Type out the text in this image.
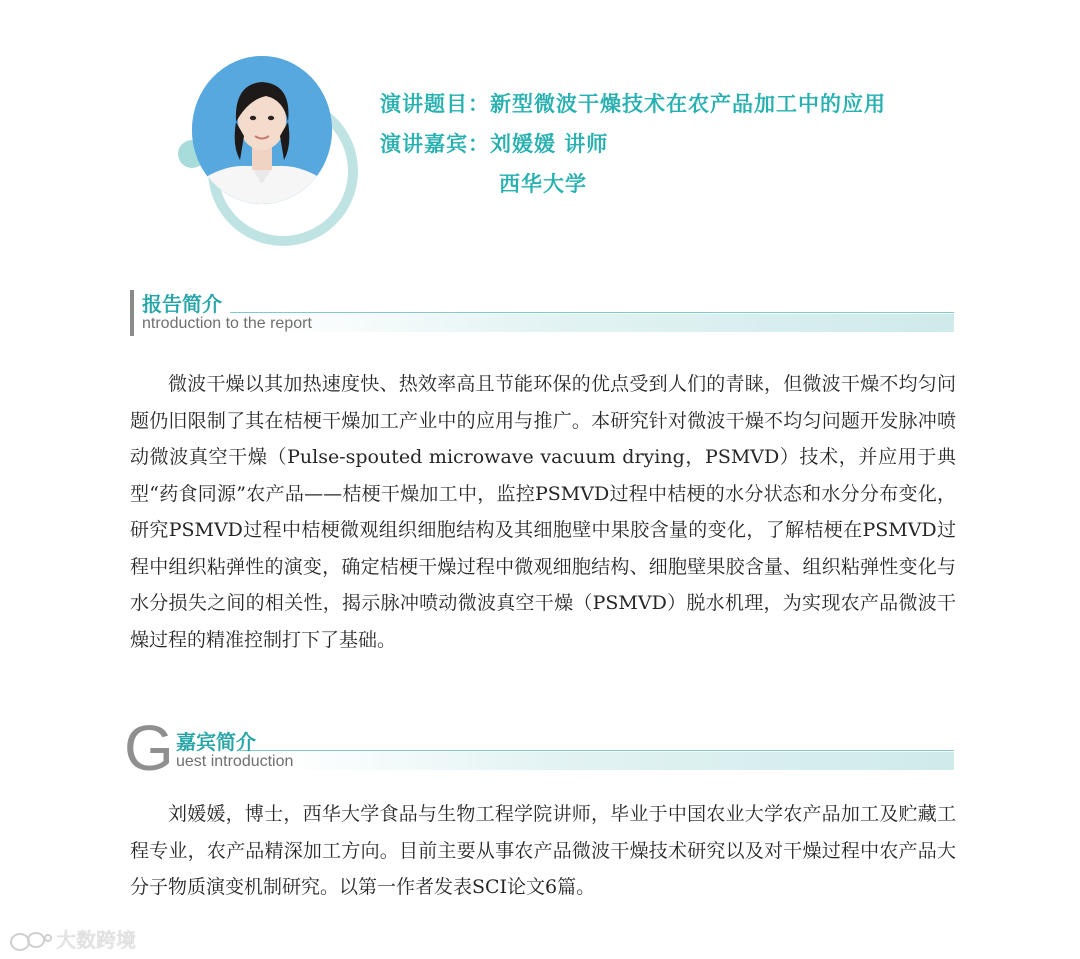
演讲题目：新型微波干燥技术在农产品加工中的应用
演讲嘉宾：刘媛媛 讲师
西华大学
报告简介
ntroduction to the report

微波干燥以其加热速度快、热效率高且节能环保的优点受到人们的青睐，但微波干燥不均匀问题仍旧限制了其在桔梗干燥加工产业中的应用与推广。本研究针对微波干燥不均匀问题开发脉冲喷动微波真空干燥（Pulse-spouted microwave vacuum drying，PSMVD）技术，并应用于典型“药食同源”农产品——桔梗干燥加工中，监控PSMVD过程中桔梗的水分状态和水分分布变化，研究PSMVD过程中桔梗微观组织细胞结构及其细胞壁中果胶含量的变化，了解桔梗在PSMVD过程中组织粘弹性的演变，确定桔梗干燥过程中微观细胞结构、细胞壁果胶含量、组织粘弹性变化与水分损失之间的相关性，揭示脉冲喷动微波真空干燥（PSMVD）脱水机理，为实现农产品微波干燥过程的精准控制打下了基础。

G 嘉宾简介
uest introduction

刘媛媛，博士，西华大学食品与生物工程学院讲师，毕业于中国农业大学农产品加工及贮藏工程专业，农产品精深加工方向。目前主要从事农产品微波干燥技术研究以及对干燥过程中农产品大分子物质演变机制研究。以第一作者发表SCI论文6篇。

大数跨境
